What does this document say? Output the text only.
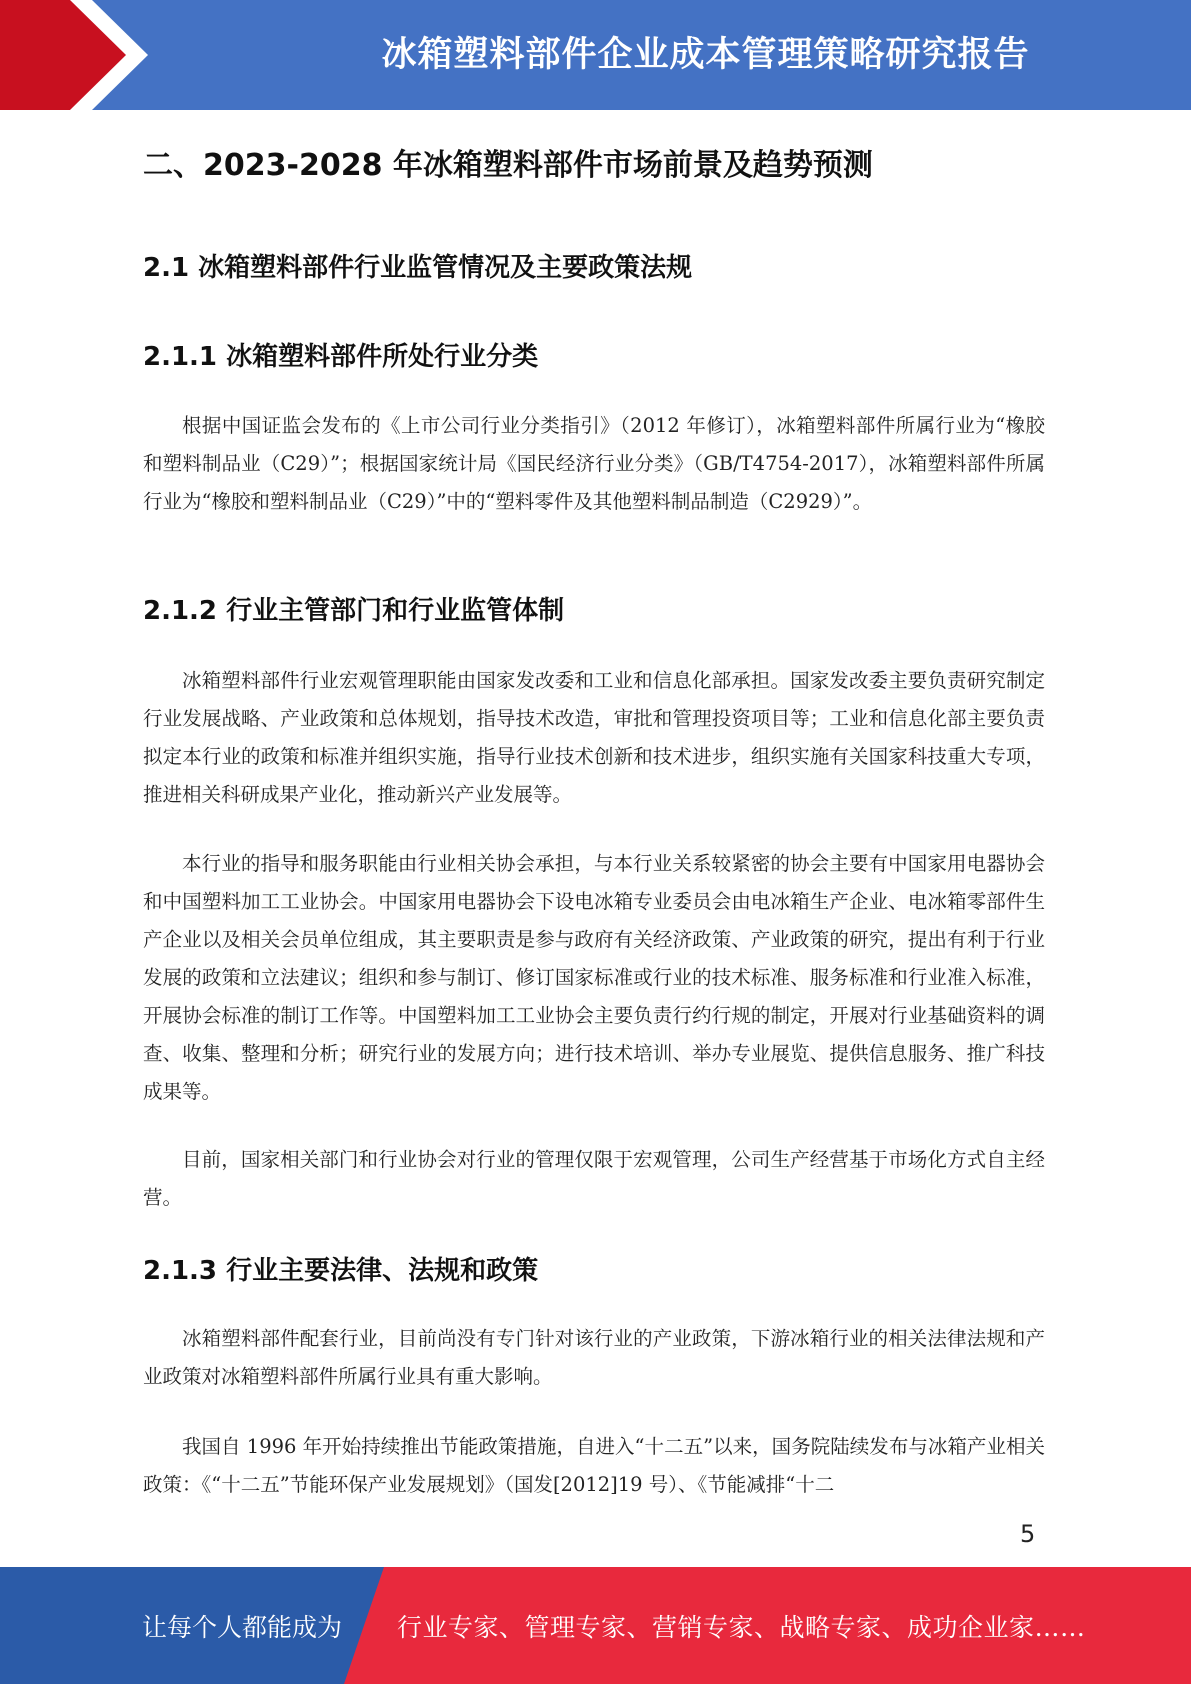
冰箱塑料部件企业成本管理策略研究报告
二、2023-2028 年冰箱塑料部件市场前景及趋势预测
2.1 冰箱塑料部件行业监管情况及主要政策法规
2.1.1 冰箱塑料部件所处行业分类

根据中国证监会发布的《上市公司行业分类指引》（2012 年修订），冰箱塑料部件所属行业为“橡胶和塑料制品业（C29）”；根据国家统计局《国民经济行业分类》（GB/T4754-2017），冰箱塑料部件所属行业为“橡胶和塑料制品业（C29）”中的“塑料零件及其他塑料制品制造（C2929）”。

2.1.2 行业主管部门和行业监管体制

冰箱塑料部件行业宏观管理职能由国家发改委和工业和信息化部承担。国家发改委主要负责研究制定行业发展战略、产业政策和总体规划，指导技术改造，审批和管理投资项目等；工业和信息化部主要负责拟定本行业的政策和标准并组织实施，指导行业技术创新和技术进步，组织实施有关国家科技重大专项，推进相关科研成果产业化，推动新兴产业发展等。

本行业的指导和服务职能由行业相关协会承担，与本行业关系较紧密的协会主要有中国家用电器协会和中国塑料加工工业协会。中国家用电器协会下设电冰箱专业委员会由电冰箱生产企业、电冰箱零部件生产企业以及相关会员单位组成，其主要职责是参与政府有关经济政策、产业政策的研究，提出有利于行业发展的政策和立法建议；组织和参与制订、修订国家标准或行业的技术标准、服务标准和行业准入标准，开展协会标准的制订工作等。中国塑料加工工业协会主要负责行约行规的制定，开展对行业基础资料的调查、收集、整理和分析；研究行业的发展方向；进行技术培训、举办专业展览、提供信息服务、推广科技成果等。

目前，国家相关部门和行业协会对行业的管理仅限于宏观管理，公司生产经营基于市场化方式自主经营。

2.1.3 行业主要法律、法规和政策

冰箱塑料部件配套行业，目前尚没有专门针对该行业的产业政策，下游冰箱行业的相关法律法规和产业政策对冰箱塑料部件所属行业具有重大影响。

我国自 1996 年开始持续推出节能政策措施，自进入“十二五”以来，国务院陆续发布与冰箱产业相关政策：《“十二五”节能环保产业发展规划》（国发[2012]19 号）、《节能减排“十二

5
让每个人都能成为 行业专家、管理专家、营销专家、战略专家、成功企业家……
